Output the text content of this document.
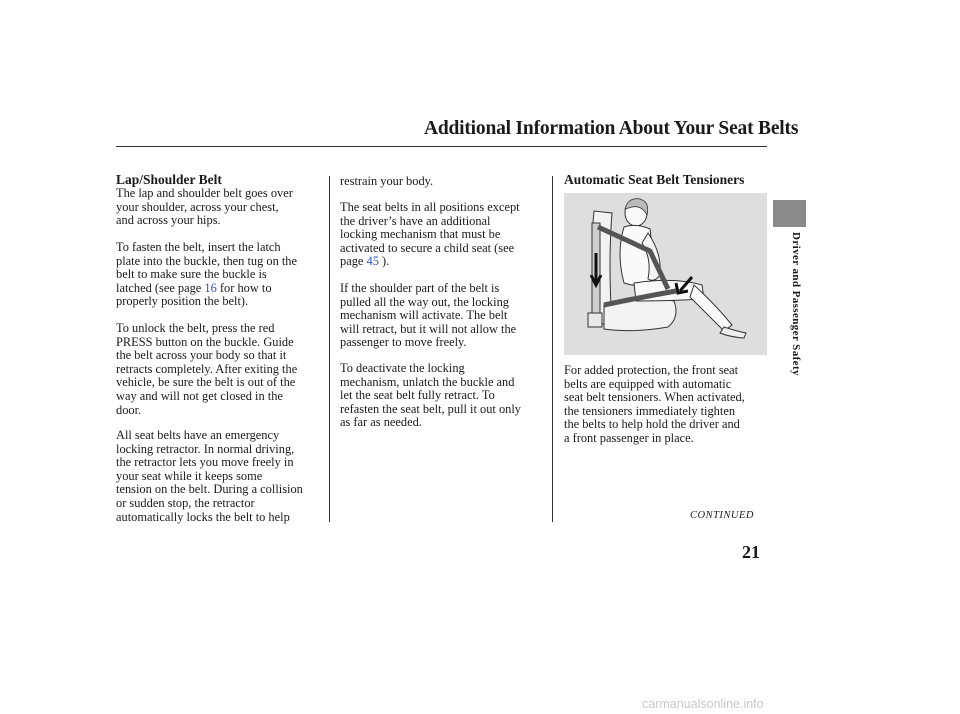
Additional Information About Your Seat Belts
Lap/Shoulder Belt

The lap and shoulder belt goes over
your shoulder, across your chest,
and across your hips.

To fasten the belt, insert the latch
plate into the buckle, then tug on the
belt to make sure the buckle is
latched (see page 16 for how to
properly position the belt).

To unlock the belt, press the red
PRESS button on the buckle. Guide
the belt across your body so that it
retracts completely. After exiting the
vehicle, be sure the belt is out of the
way and will not get closed in the
door.

All seat belts have an emergency
locking retractor. In normal driving,
the retractor lets you move freely in
your seat while it keeps some
tension on the belt. During a collision
or sudden stop, the retractor
automatically locks the belt to help

restrain your body.

The seat belts in all positions except
the driver’s have an additional
locking mechanism that must be
activated to secure a child seat (see
page 45 ).

If the shoulder part of the belt is
pulled all the way out, the locking
mechanism will activate. The belt
will retract, but it will not allow the
passenger to move freely.

To deactivate the locking
mechanism, unlatch the buckle and
let the seat belt fully retract. To
refasten the seat belt, pull it out only
as far as needed.

Automatic Seat Belt Tensioners

For added protection, the front seat
belts are equipped with automatic
seat belt tensioners. When activated,
the tensioners immediately tighten
the belts to help hold the driver and
a front passenger in place.

Driver and Passenger Safety
CONTINUED
21
carmanualsonline.info
